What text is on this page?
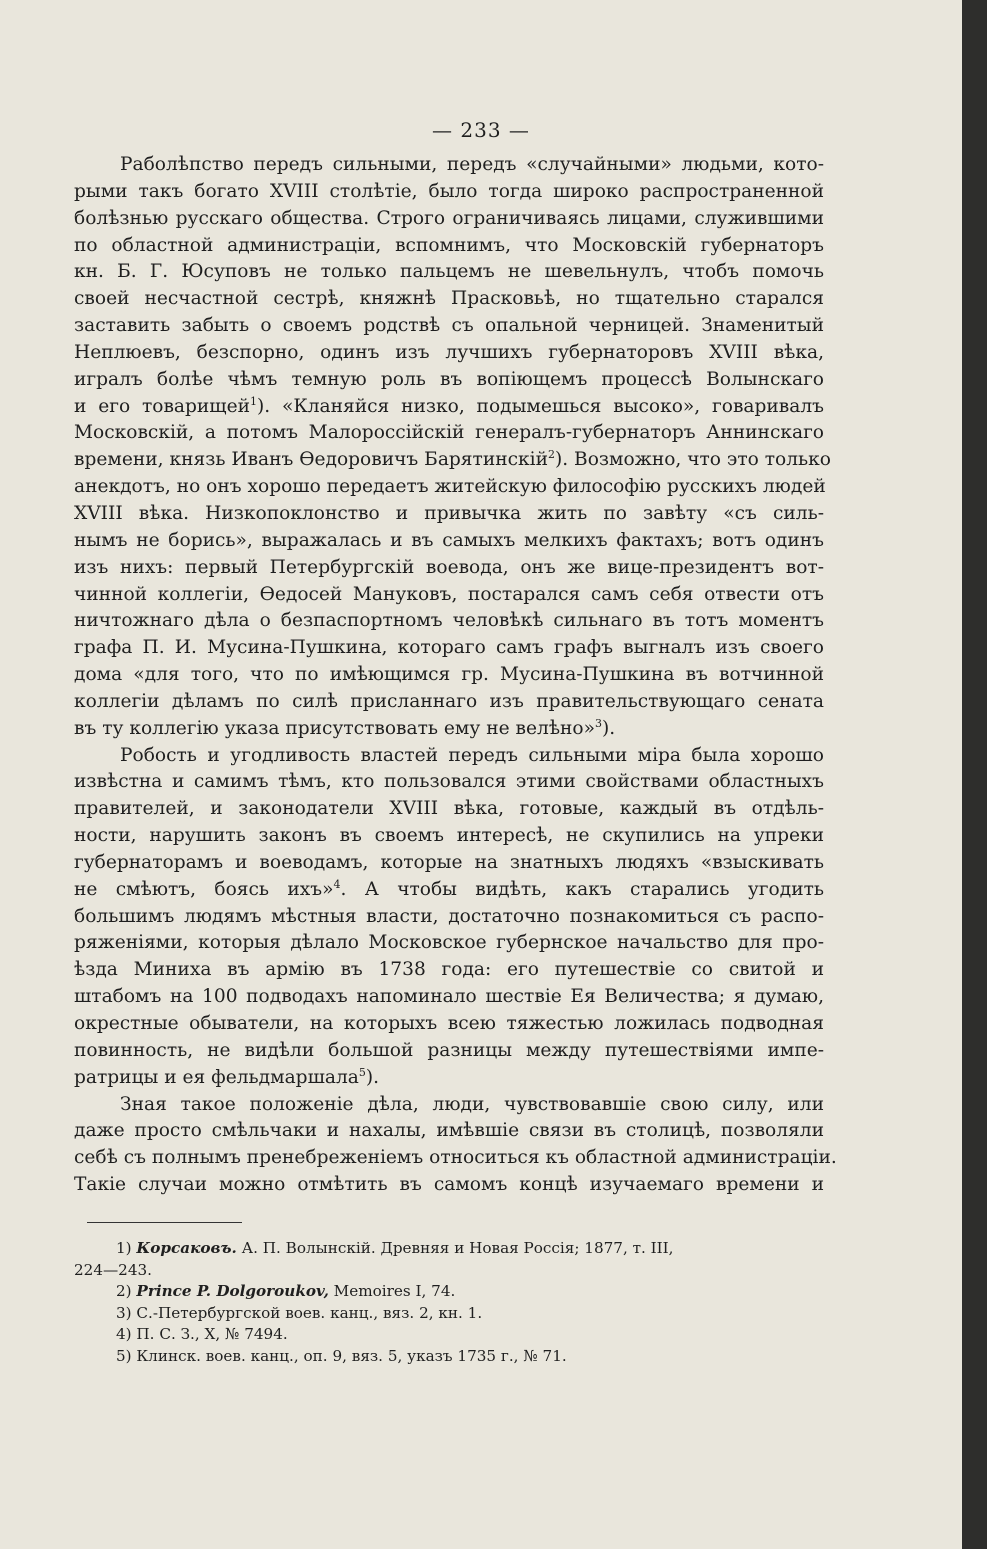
— 233 —

Раболѣпство передъ сильными, передъ «случайными» людьми, кото-
рыми такъ богато XVIII столѣтіе, было тогда широко распространенной
болѣзнью русскаго общества. Строго ограничиваясь лицами, служившими
по областной администраціи, вспомнимъ, что Московскій губернаторъ
кн. Б. Г. Юсуповъ не только пальцемъ не шевельнулъ, чтобъ помочь
своей несчастной сестрѣ, княжнѣ Прасковьѣ, но тщательно старался
заставить забыть о своемъ родствѣ съ опальной черницей. Знаменитый
Неплюевъ, безспорно, одинъ изъ лучшихъ губернаторовъ XVIII вѣка,
игралъ болѣе чѣмъ темную роль въ вопіющемъ процессѣ Волынскаго
и его товарищей$^1$). «Кланяйся низко, подымешься высоко», говаривалъ
Московскій, а потомъ Малороссійскій генералъ-губернаторъ Аннинскаго
времени, князь Иванъ Ѳедоровичъ Барятинскій$^2$). Возможно, что это только
анекдотъ, но онъ хорошо передаетъ житейскую философію русскихъ людей
XVIII вѣка. Низкопоклонство и привычка жить по завѣту «съ силь-
нымъ не борись», выражалась и въ самыхъ мелкихъ фактахъ; вотъ одинъ
изъ нихъ: первый Петербургскій воевода, онъ же вице-президентъ вот-
чинной коллегіи, Ѳедосей Мануковъ, постарался самъ себя отвести отъ
ничтожнаго дѣла о безпаспортномъ человѣкѣ сильнаго въ тотъ моментъ
графа П. И. Мусина-Пушкина, котораго самъ графъ выгналъ изъ своего
дома «для того, что по имѣющимся гр. Мусина-Пушкина въ вотчинной
коллегіи дѣламъ по силѣ присланнаго изъ правительствующаго сената
въ ту коллегію указа присутствовать ему не велѣно»$^3$).

Робость и угодливость властей передъ сильными міра была хорошо
извѣстна и самимъ тѣмъ, кто пользовался этими свойствами областныхъ
правителей, и законодатели XVIII вѣка, готовые, каждый въ отдѣль-
ности, нарушить законъ въ своемъ интересѣ, не скупились на упреки
губернаторамъ и воеводамъ, которые на знатныхъ людяхъ «взыскивать
не смѣютъ, боясь ихъ»$^4$. А чтобы видѣть, какъ старались угодить
большимъ людямъ мѣстныя власти, достаточно познакомиться съ распо-
ряженіями, которыя дѣлало Московское губернское начальство для про-
ѣзда Миниха въ армію въ 1738 года: его путешествіе со свитой и
штабомъ на 100 подводахъ напоминало шествіе Ея Величества; я думаю,
окрестные обыватели, на которыхъ всею тяжестью ложилась подводная
повинность, не видѣли большой разницы между путешествіями импе-
ратрицы и ея фельдмаршала$^5$).

Зная такое положеніе дѣла, люди, чувствовавшіе свою силу, или
даже просто смѣльчаки и нахалы, имѣвшіе связи въ столицѣ, позволяли
себѣ съ полнымъ пренебреженіемъ относиться къ областной администраціи.
Такіе случаи можно отмѣтить въ самомъ концѣ изучаемаго времени и

1) Корсаковъ. А. П. Волынскій. Древняя и Новая Россія; 1877, т. III,
224—243.
2) Prince P. Dolgoroukov, Memoires I, 74.
3) С.-Петербургской воев. канц., вяз. 2, кн. 1.
4) П. С. З., X, № 7494.
5) Клинск. воев. канц., оп. 9, вяз. 5, указъ 1735 г., № 71.
